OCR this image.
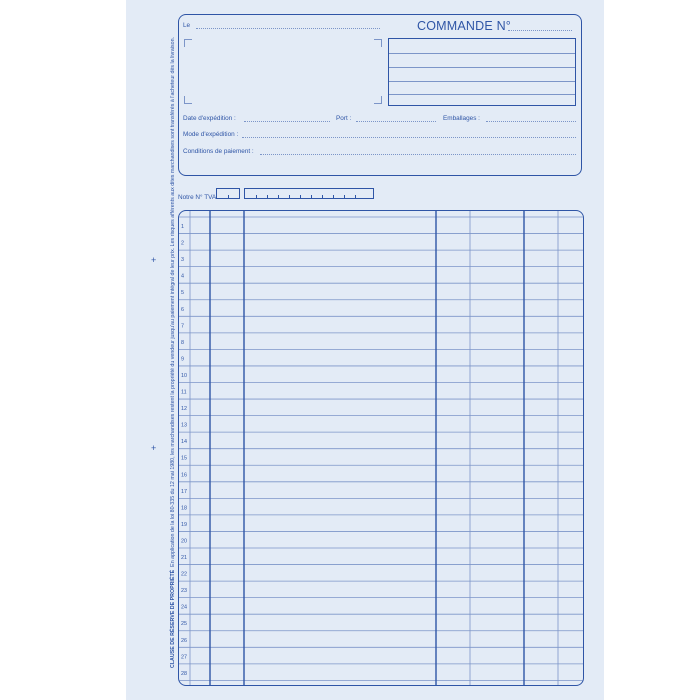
+
+
CLAUSE DE RÉSERVE DE PROPRIÉTÉ  En application de la loi 80-335 du 12 mai 1980, les marchandises restent la propriété du vendeur jusqu'au paiement intégral de leur prix. Les risques afférents aux dites marchandises sont transférés à l'acheteur dès la livraison.
Le	COMMANDE N°
Date d'expédition :	Port :	Emballages :
Mode d'expédition :
Conditions de paiement :
Notre N° TVA
1
2
3
4
5
6
7
8
9
10
11
12
13
14
15
16
17
18
19
20
21
22
23
24
25
26
27
28
